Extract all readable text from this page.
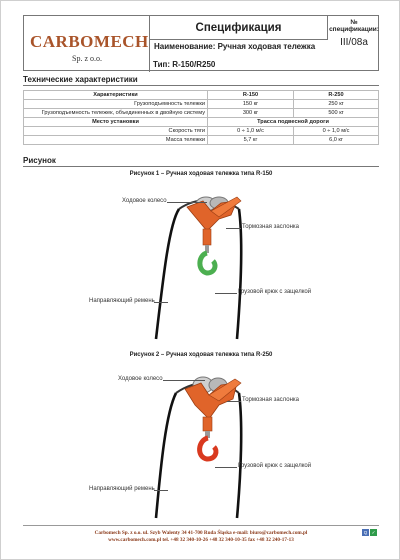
CARBOMECH
Sp. z o.o.
Спецификация	№ спецификации:
III/08a
Наименование: Ручная ходовая тележка
Тип: R-150/R250
Технические характеристики
Характеристики	R-150	R-250
Грузоподъемность тележки	150 кг	250 кг
Грузоподъемность тележек, объединенных в двойную систему	300 кг	500 кг
Место установки	Трасса подвесной дороги	
Скорость тяги	0 ÷ 1,0 м/с	0 ÷ 1,0 м/с
Масса тележки	5,7 кг	6,0 кг
Рисунок
Рисунок 1 – Ручная ходовая тележка типа R-150
Ходовое колесо
Тормозная заслонка
Грузовой крюк с защелкой
Направляющий ремень
Рисунок 2 – Ручная ходовая тележка типа R-250
Ходовое колесо
Тормозная заслонка
Грузовой крюк с защелкой
Направляющий ремень
Carbomech Sp. z o.o. ul. Szyb Walenty 34 41-700 Ruda Śląska e-mail: biuro@carbomech.com.pl
www.carbomech.com.pl tel. +48 32 340-10-26 +48 32 340-10-35 fax +48 32 240-17-13
Q ✓
